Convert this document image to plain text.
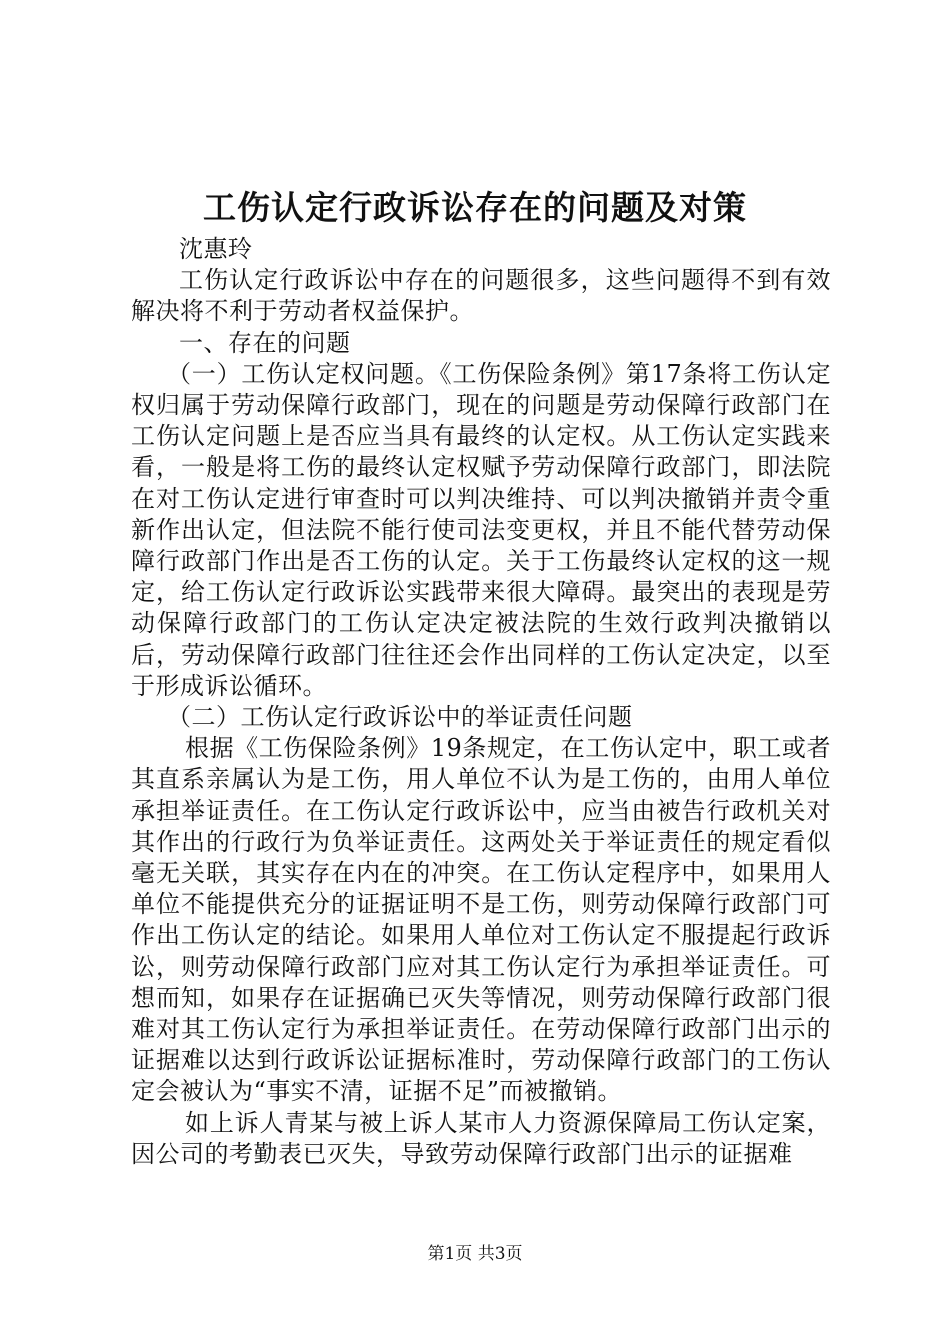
工伤认定行政诉讼存在的问题及对策

沈惠玲

工伤认定行政诉讼中存在的问题很多，这些问题得不到有效解决将不利于劳动者权益保护。

一、存在的问题

（一）工伤认定权问题。《工伤保险条例》第17条将工伤认定权归属于劳动保障行政部门，现在的问题是劳动保障行政部门在工伤认定问题上是否应当具有最终的认定权。从工伤认定实践来看，一般是将工伤的最终认定权赋予劳动保障行政部门，即法院在对工伤认定进行审查时可以判决维持、可以判决撤销并责令重新作出认定，但法院不能行使司法变更权，并且不能代替劳动保障行政部门作出是否工伤的认定。关于工伤最终认定权的这一规定，给工伤认定行政诉讼实践带来很大障碍。最突出的表现是劳动保障行政部门的工伤认定决定被法院的生效行政判决撤销以后，劳动保障行政部门往往还会作出同样的工伤认定决定，以至于形成诉讼循环。

（二）工伤认定行政诉讼中的举证责任问题

根据《工伤保险条例》19条规定，在工伤认定中，职工或者其直系亲属认为是工伤，用人单位不认为是工伤的，由用人单位承担举证责任。在工伤认定行政诉讼中，应当由被告行政机关对其作出的行政行为负举证责任。这两处关于举证责任的规定看似毫无关联，其实存在内在的冲突。在工伤认定程序中，如果用人单位不能提供充分的证据证明不是工伤，则劳动保障行政部门可作出工伤认定的结论。如果用人单位对工伤认定不服提起行政诉讼，则劳动保障行政部门应对其工伤认定行为承担举证责任。可想而知，如果存在证据确已灭失等情况，则劳动保障行政部门很难对其工伤认定行为承担举证责任。在劳动保障行政部门出示的证据难以达到行政诉讼证据标准时，劳动保障行政部门的工伤认定会被认为“事实不清，证据不足”而被撤销。

如上诉人青某与被上诉人某市人力资源保障局工伤认定案，因公司的考勤表已灭失，导致劳动保障行政部门出示的证据难

第1页 共3页
